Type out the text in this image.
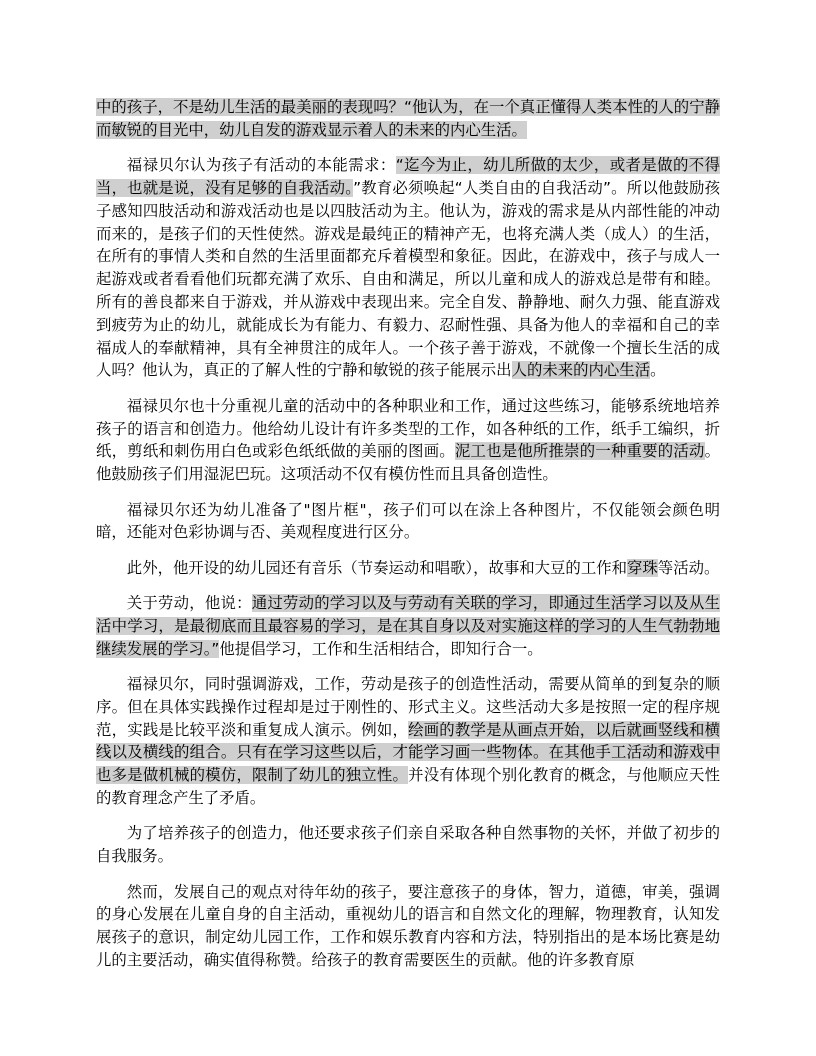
中的孩子，不是幼儿生活的最美丽的表现吗？“他认为，在一个真正懂得人类本性的人的宁静而敏锐的目光中，幼儿自发的游戏显示着人的未来的内心生活。

福禄贝尔认为孩子有活动的本能需求：“迄今为止，幼儿所做的太少，或者是做的不得当，也就是说，没有足够的自我活动。”教育必须唤起“人类自由的自我活动”。所以他鼓励孩子感知四肢活动和游戏活动也是以四肢活动为主。他认为，游戏的需求是从内部性能的冲动而来的，是孩子们的天性使然。游戏是最纯正的精神产无，也将充满人类（成人）的生活，在所有的事情人类和自然的生活里面都充斥着模型和象征。因此，在游戏中，孩子与成人一起游戏或者看看他们玩都充满了欢乐、自由和满足，所以儿童和成人的游戏总是带有和睦。所有的善良都来自于游戏，并从游戏中表现出来。完全自发、静静地、耐久力强、能直游戏到疲劳为止的幼儿，就能成长为有能力、有毅力、忍耐性强、具备为他人的幸福和自己的幸福成人的奉献精神，具有全神贯注的成年人。一个孩子善于游戏，不就像一个擅长生活的成人吗？他认为，真正的了解人性的宁静和敏锐的孩子能展示出人的未来的内心生活。

福禄贝尔也十分重视儿童的活动中的各种职业和工作，通过这些练习，能够系统地培养孩子的语言和创造力。他给幼儿设计有许多类型的工作，如各种纸的工作，纸手工编织，折纸，剪纸和刺伤用白色或彩色纸纸做的美丽的图画。泥工也是他所推崇的一种重要的活动。他鼓励孩子们用湿泥巴玩。这项活动不仅有模仿性而且具备创造性。

福禄贝尔还为幼儿准备了"图片框"，孩子们可以在涂上各种图片，不仅能领会颜色明暗，还能对色彩协调与否、美观程度进行区分。

此外，他开设的幼儿园还有音乐（节奏运动和唱歌），故事和大豆的工作和穿珠等活动。

关于劳动，他说：通过劳动的学习以及与劳动有关联的学习，即通过生活学习以及从生活中学习，是最彻底而且最容易的学习，是在其自身以及对实施这样的学习的人生气勃勃地继续发展的学习。”他提倡学习，工作和生活相结合，即知行合一。

福禄贝尔，同时强调游戏，工作，劳动是孩子的创造性活动，需要从简单的到复杂的顺序。但在具体实践操作过程却是过于刚性的、形式主义。这些活动大多是按照一定的程序规范，实践是比较平淡和重复成人演示。例如，绘画的教学是从画点开始，以后就画竖线和横线以及横线的组合。只有在学习这些以后，才能学习画一些物体。在其他手工活动和游戏中也多是做机械的模仿，限制了幼儿的独立性。并没有体现个别化教育的概念，与他顺应天性的教育理念产生了矛盾。

为了培养孩子的创造力，他还要求孩子们亲自采取各种自然事物的关怀，并做了初步的自我服务。

然而，发展自己的观点对待年幼的孩子，要注意孩子的身体，智力，道德，审美，强调的身心发展在儿童自身的自主活动，重视幼儿的语言和自然文化的理解，物理教育，认知发展孩子的意识，制定幼儿园工作，工作和娱乐教育内容和方法，特别指出的是本场比赛是幼儿的主要活动，确实值得称赞。给孩子的教育需要医生的贡献。他的许多教育原
